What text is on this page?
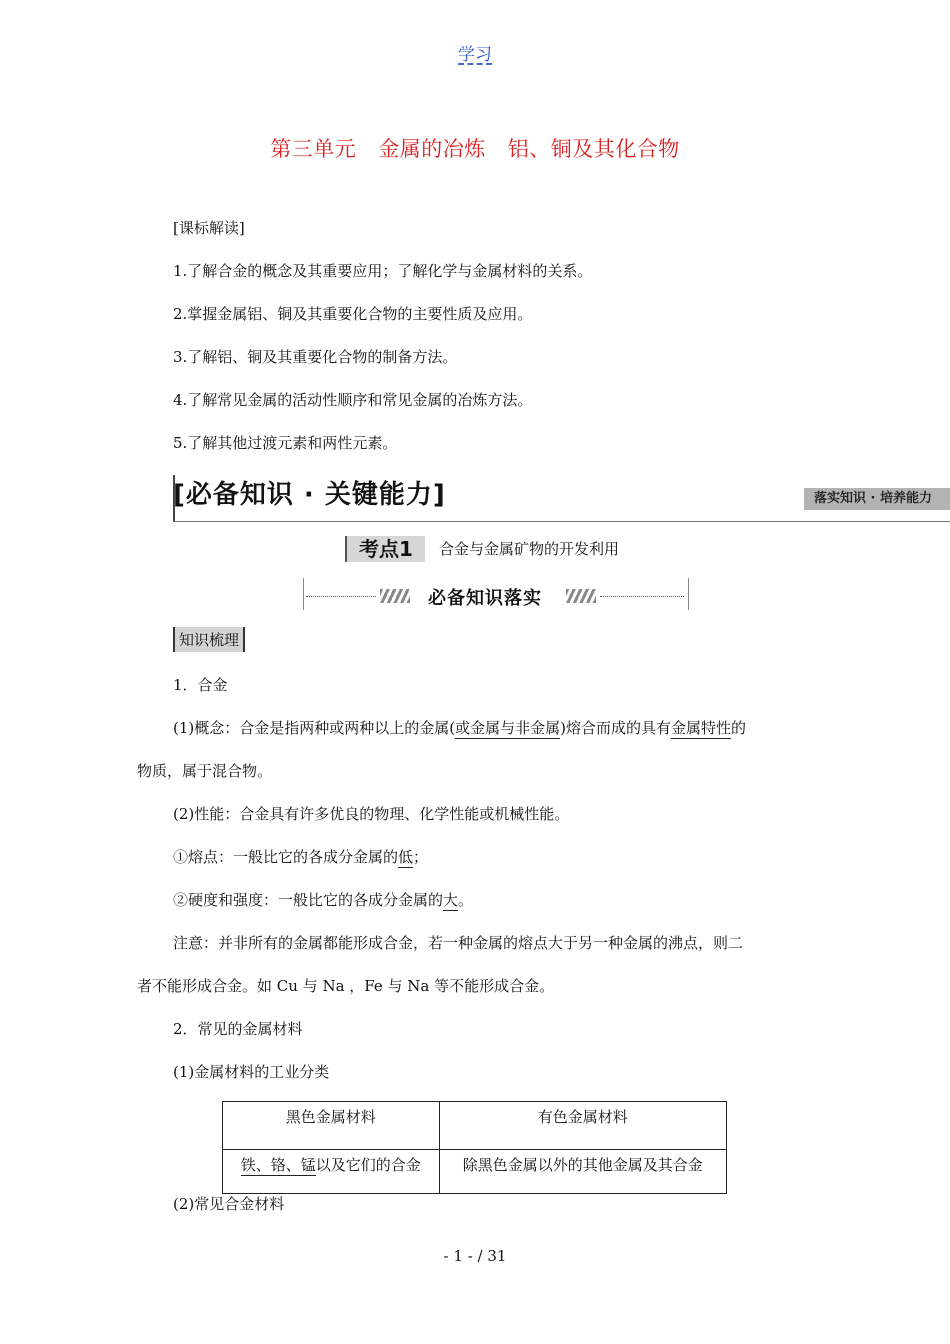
学习
第三单元 金属的冶炼 铝、铜及其化合物
[课标解读]
1.了解合金的概念及其重要应用；了解化学与金属材料的关系。
2.掌握金属铝、铜及其重要化合物的主要性质及应用。
3.了解铝、铜及其重要化合物的制备方法。
4.了解常见金属的活动性顺序和常见金属的冶炼方法。
5.了解其他过渡元素和两性元素。
[必备知识 · 关键能力]	落实知识 · 培养能力
考点1	合金与金属矿物的开发利用
必备知识落实
知识梳理
1．合金
(1)概念：合金是指两种或两种以上的金属(或金属与非金属)熔合而成的具有金属特性的
物质，属于混合物。
(2)性能：合金具有许多优良的物理、化学性能或机械性能。
①熔点：一般比它的各成分金属的低；
②硬度和强度：一般比它的各成分金属的大。
注意：并非所有的金属都能形成合金，若一种金属的熔点大于另一种金属的沸点，则二
者不能形成合金。如 Cu 与 Na ，Fe 与 Na 等不能形成合金。
2．常见的金属材料
(1)金属材料的工业分类
黑色金属材料	有色金属材料
铁、铬、锰以及它们的合金	除黑色金属以外的其他金属及其合金
(2)常见合金材料
- 1 - / 31
